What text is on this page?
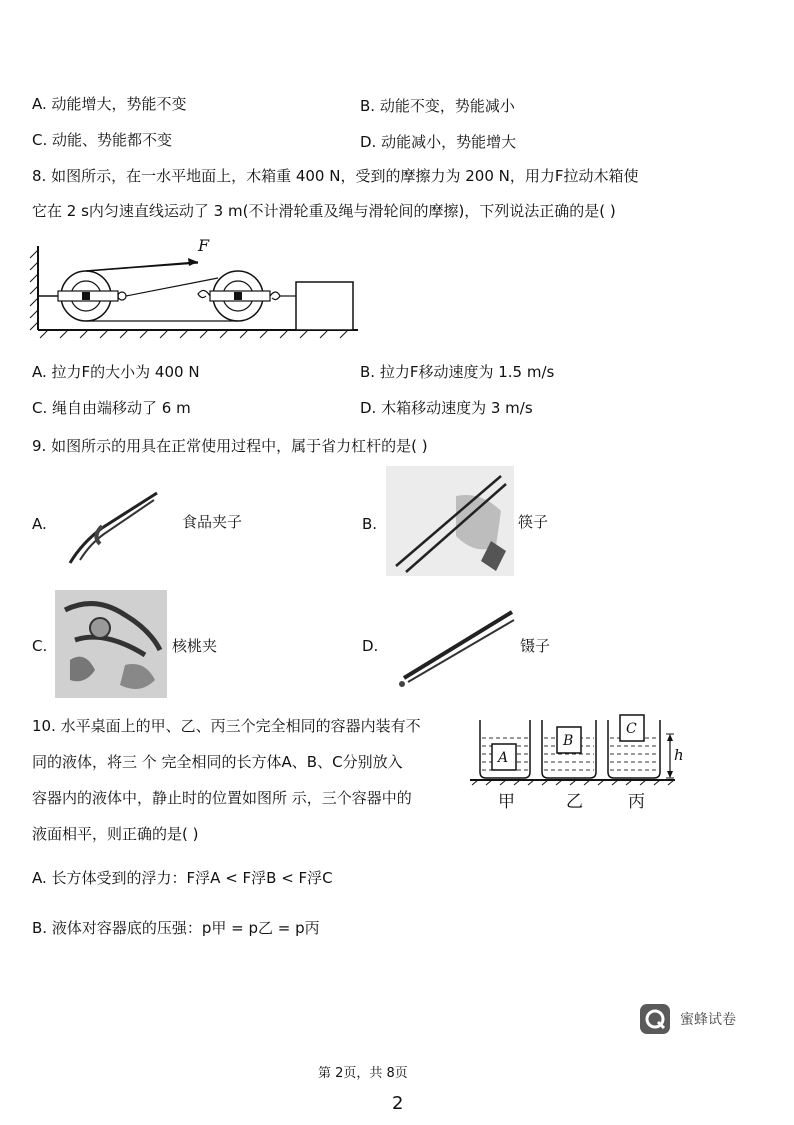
A. 动能增大，势能不变	B. 动能不变，势能减小
C. 动能、势能都不变	D. 动能减小，势能增大
8. 如图所示，在一水平地面上，木箱重 400 N，受到的摩擦力为 200 N，用力F拉动木箱使
它在 2 s内匀速直线运动了 3 m(不计滑轮重及绳与滑轮间的摩擦)，下列说法正确的是( )
F
A. 拉力F的大小为 400 N	B. 拉力F移动速度为 1.5 m/s
C. 绳自由端移动了 6 m	D. 木箱移动速度为 3 m/s
9. 如图所示的用具在正常使用过程中，属于省力杠杆的是( )
A.	食品夹子	B.	筷子
C.	核桃夹	D.	镊子
10. 水平桌面上的甲、乙、丙三个完全相同的容器内装有不
同的液体，将三 个 完全相同的长方体A、B、C分别放入
容器内的液体中，静止时的位置如图所 示，三个容器中的
液面相平，则正确的是( )
A
B
C
h
甲	乙	丙
A. 长方体受到的浮力：F浮A < F浮B < F浮C
B. 液体对容器底的压强：p甲 = p乙 = p丙
蜜蜂试卷
第 2页，共 8页
2
